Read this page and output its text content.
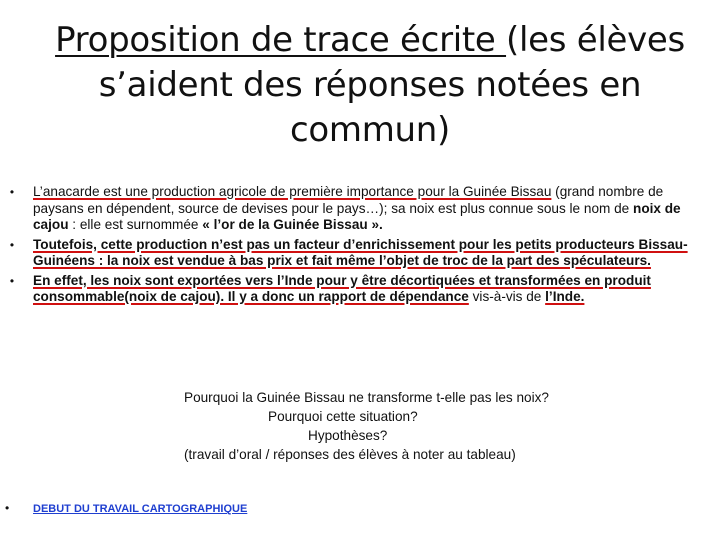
Proposition de trace écrite (les élèves s’aident des réponses notées en commun)
•	L’anacarde est une production agricole de première importance pour la Guinée Bissau (grand nombre de paysans en dépendent, source de devises pour le pays…); sa noix est plus connue sous le nom de noix de cajou : elle est surnommée « l’or de la Guinée Bissau ».
•	Toutefois, cette production n’est pas un facteur d’enrichissement pour les petits producteurs Bissau-Guinéens : la noix est vendue à bas prix et fait même l’objet de troc de la part des spéculateurs.
•	En effet, les noix sont exportées vers l’Inde pour y être décortiquées et transformées en produit consommable(noix de cajou). Il y a donc un rapport de dépendance vis-à-vis de l’Inde.
Pourquoi la Guinée Bissau ne transforme t-elle pas les noix?
Pourquoi cette situation?
Hypothèses?
(travail d’oral / réponses des élèves à noter au tableau)
• DEBUT DU TRAVAIL CARTOGRAPHIQUE
